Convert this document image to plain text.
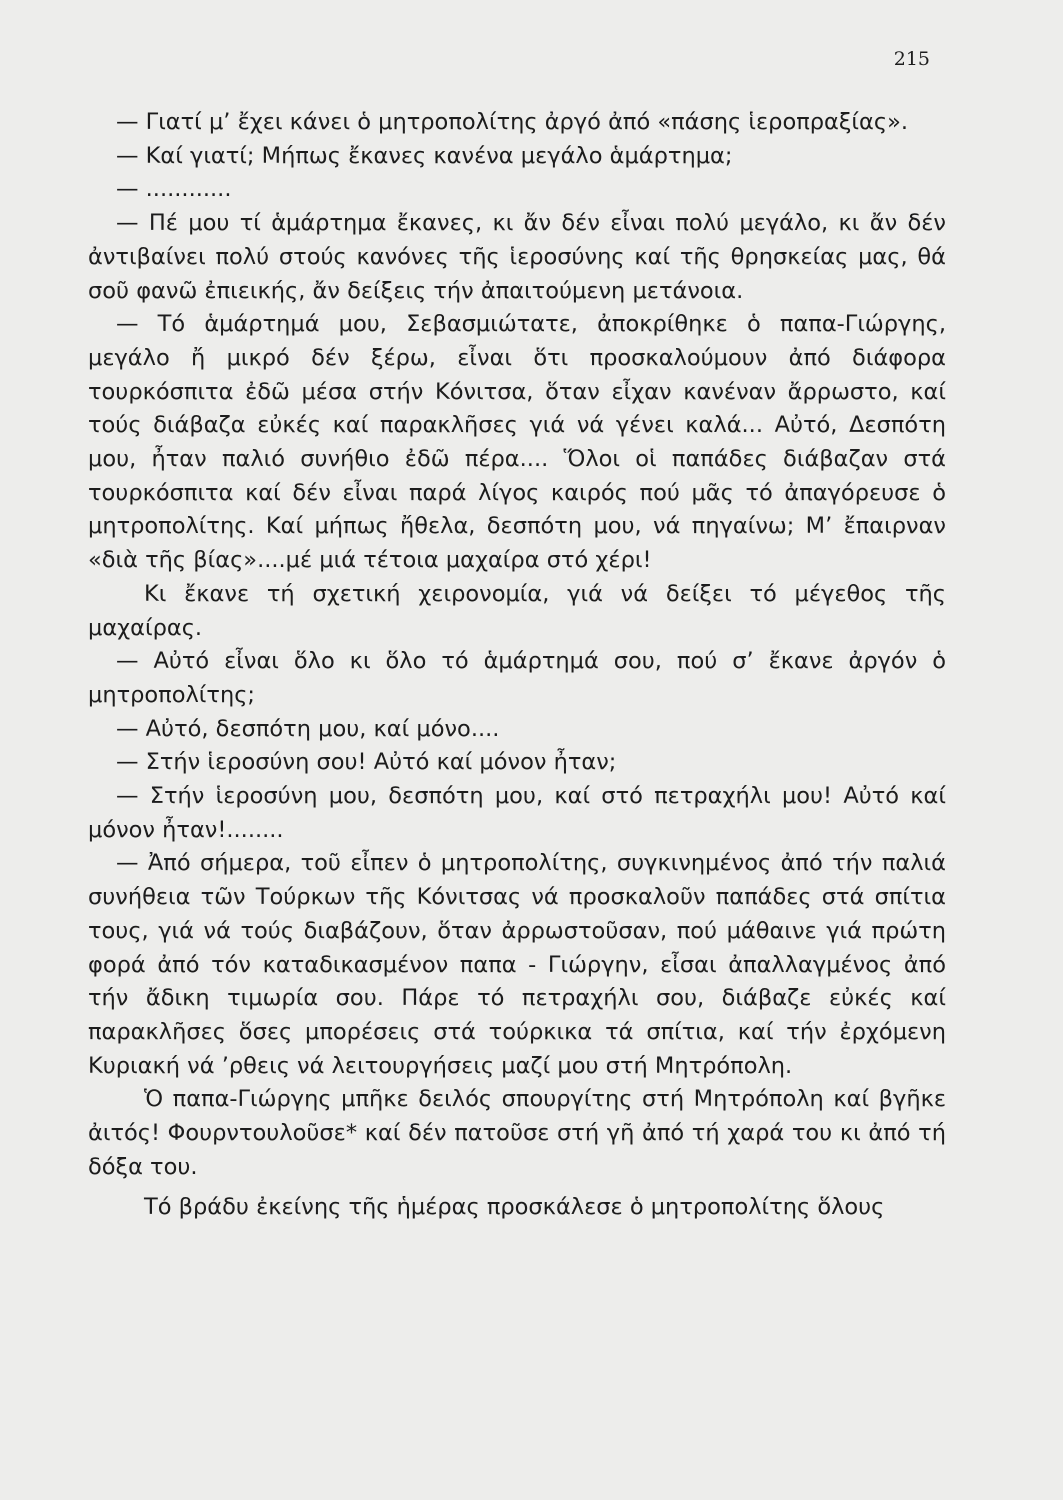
215

— Γιατί μ’ ἔχει κάνει ὁ μητροπολίτης ἀργό ἀπό «πάσης ἱεροπραξίας».

— Καί γιατί; Μήπως ἔκανες κανένα μεγάλο ἁμάρτημα;

— ............

— Πέ μου τί ἁμάρτημα ἔκανες, κι ἄν δέν εἶναι πολύ μεγάλο, κι ἄν δέν ἀντιβαίνει πολύ στούς κανόνες τῆς ἱεροσύνης καί τῆς θρησκείας μας, θά σοῦ φανῶ ἐπιεικής, ἄν δείξεις τήν ἀπαιτούμενη μετάνοια.

— Τό ἁμάρτημά μου, Σεβασμιώτατε, ἀποκρίθηκε ὁ παπα-Γιώργης, μεγάλο ἤ μικρό δέν ξέρω, εἶναι ὅτι προσκαλούμουν ἀπό διάφορα τουρκόσπιτα ἐδῶ μέσα στήν Κόνιτσα, ὅταν εἶχαν κανέναν ἄρρωστο, καί τούς διάβαζα εὐκές καί παρακλῆσες γιά νά γένει καλά... Αὐτό, Δεσπότη μου, ἦταν παλιό συνήθιο ἐδῶ πέρα.... Ὅλοι οἱ παπάδες διάβαζαν στά τουρκόσπιτα καί δέν εἶναι παρά λίγος καιρός πού μᾶς τό ἀπαγόρευσε ὁ μητροπολίτης. Καί μήπως ἤθελα, δεσπότη μου, νά πηγαίνω; Μ’ ἔπαιρναν «διὰ τῆς βίας»....μέ μιά τέτοια μαχαίρα στό χέρι!

Κι ἔκανε τή σχετική χειρονομία, γιά νά δείξει τό μέγεθος τῆς μαχαίρας.

— Αὐτό εἶναι ὅλο κι ὅλο τό ἁμάρτημά σου, πού σ’ ἔκανε ἀργόν ὁ μητροπολίτης;

— Αὐτό, δεσπότη μου, καί μόνο....

— Στήν ἱεροσύνη σου! Αὐτό καί μόνον ἦταν;

— Στήν ἱεροσύνη μου, δεσπότη μου, καί στό πετραχήλι μου! Αὐτό καί μόνον ἦταν!........

— Ἀπό σήμερα, τοῦ εἶπεν ὁ μητροπολίτης, συγκινημένος ἀπό τήν παλιά συνήθεια τῶν Τούρκων τῆς Κόνιτσας νά προσκαλοῦν παπάδες στά σπίτια τους, γιά νά τούς διαβάζουν, ὅταν ἀρρωστοῦσαν, πού μάθαινε γιά πρώτη φορά ἀπό τόν καταδικασμένον παπα - Γιώργην, εἶσαι ἀπαλλαγμένος ἀπό τήν ἄδικη τιμωρία σου. Πάρε τό πετραχήλι σου, διάβαζε εὐκές καί παρακλῆσες ὅσες μπορέσεις στά τούρκικα τά σπίτια, καί τήν ἐρχόμενη Κυριακή νά ’ρθεις νά λειτουργήσεις μαζί μου στή Μητρόπολη.

Ὁ παπα-Γιώργης μπῆκε δειλός σπουργίτης στή Μητρόπολη καί βγῆκε ἀιτός! Φουρντουλοῦσε* καί δέν πατοῦσε στή γῆ ἀπό τή χαρά του κι ἀπό τή δόξα του.

Τό βράδυ ἐκείνης τῆς ἡμέρας προσκάλεσε ὁ μητροπολίτης ὅλους
